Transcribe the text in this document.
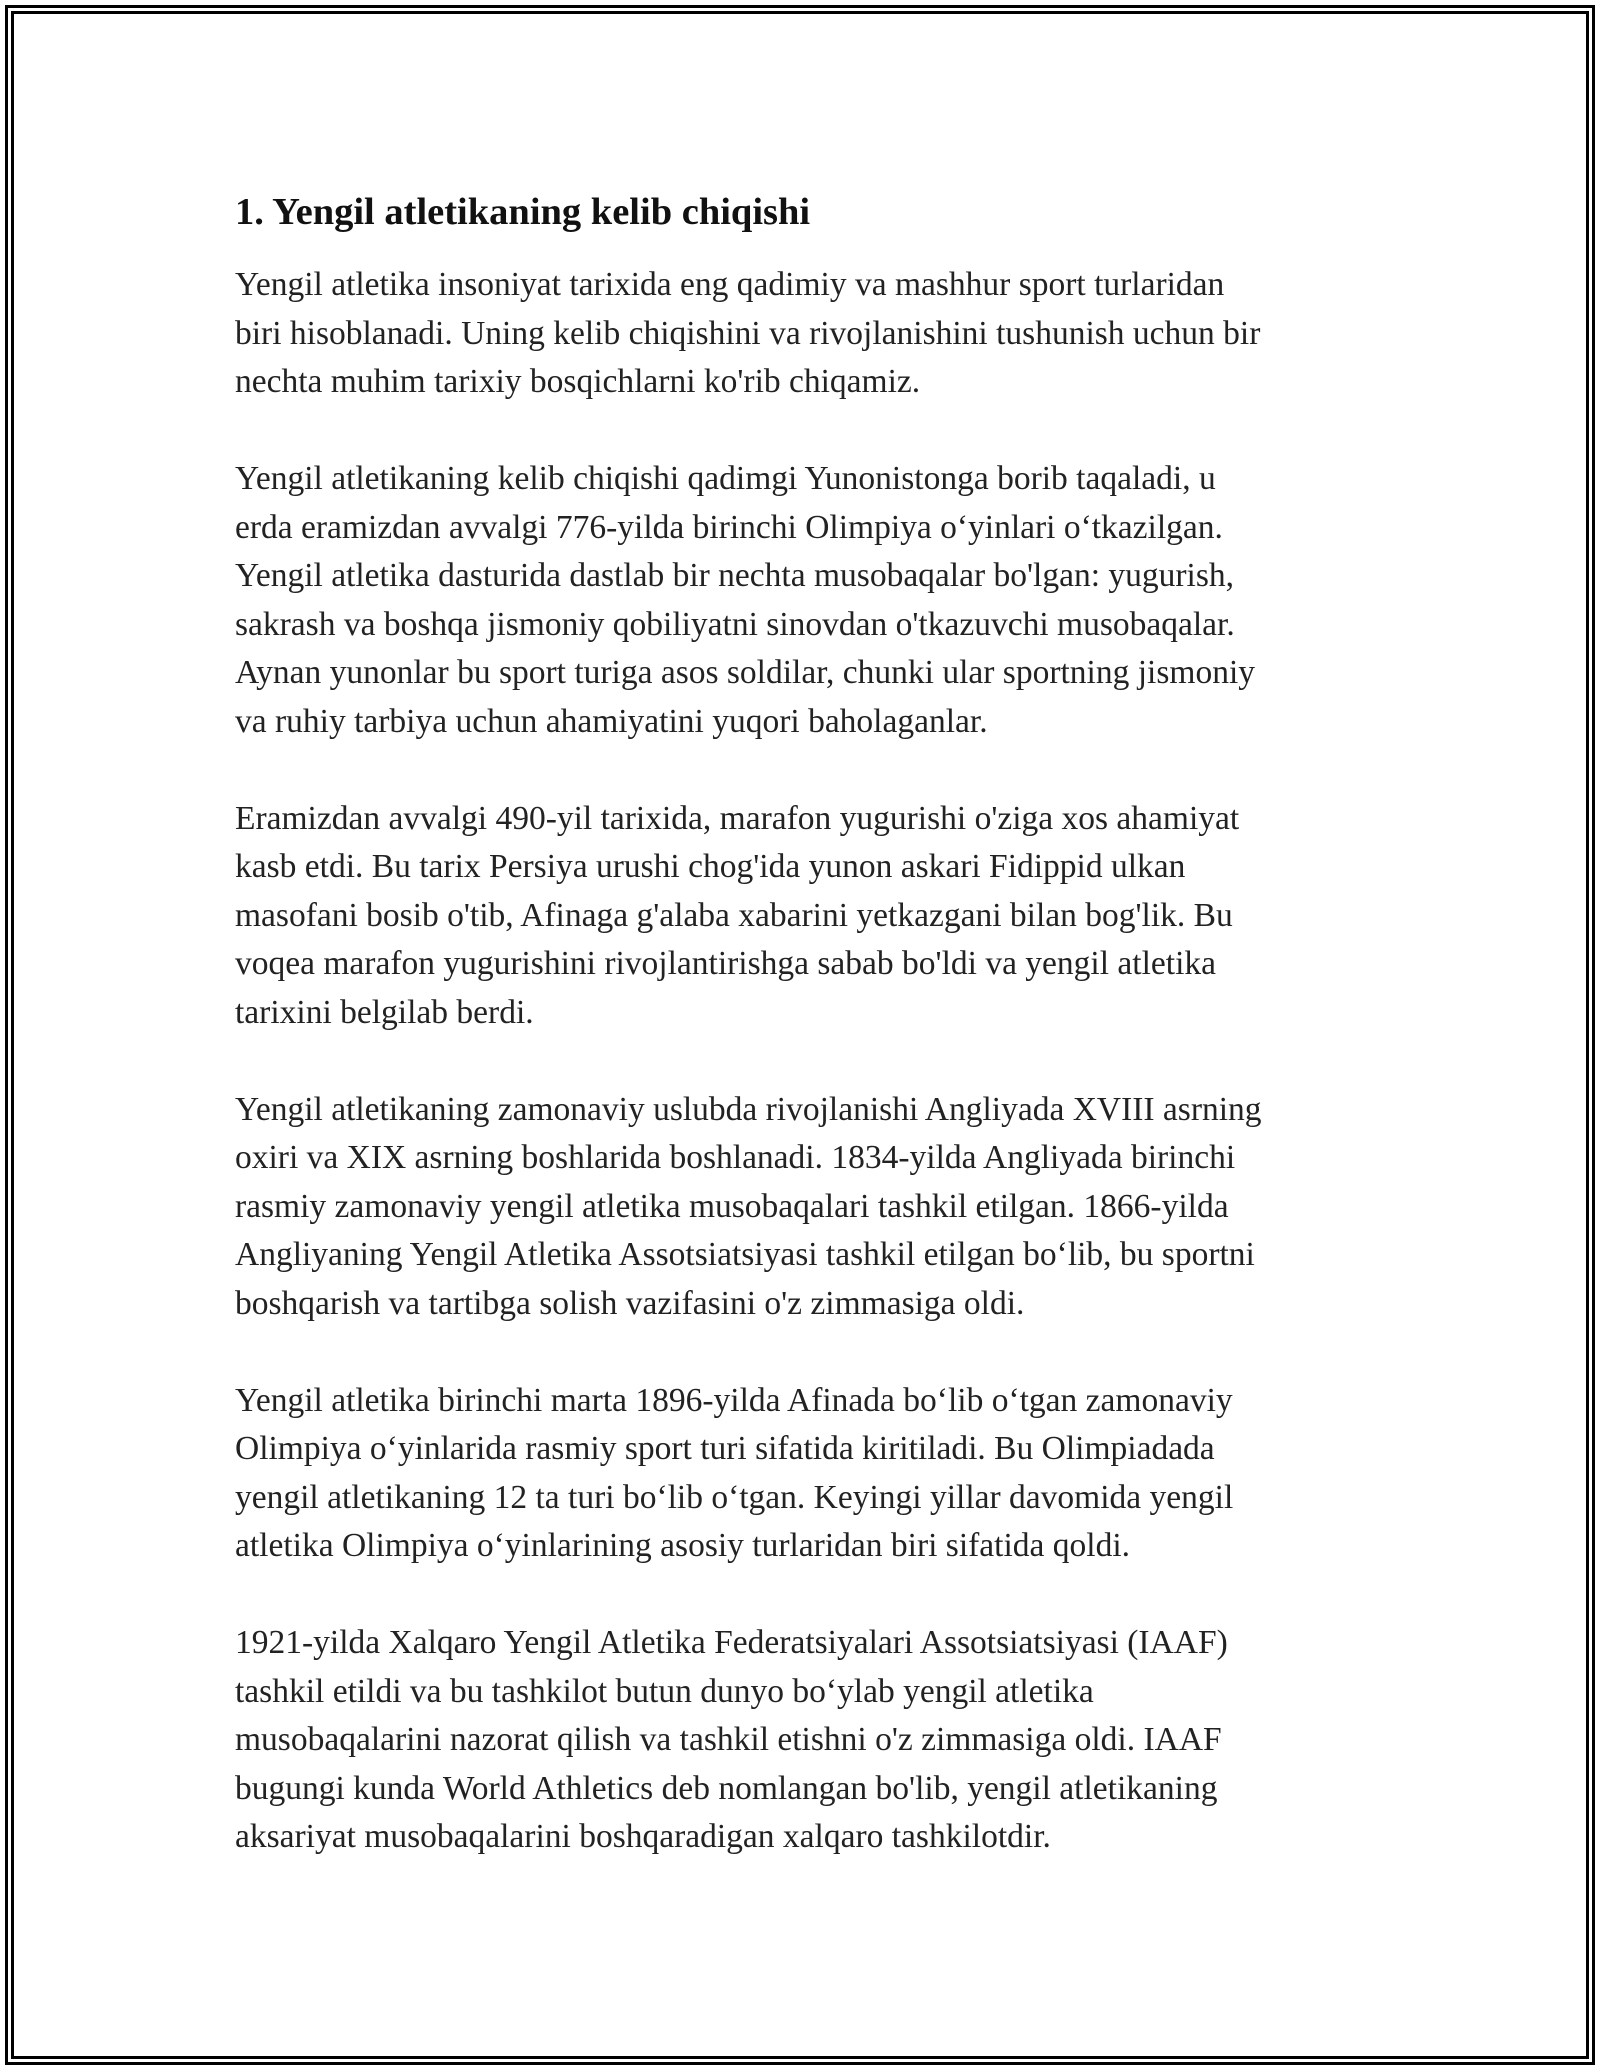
1. Yengil atletikaning kelib chiqishi

Yengil atletika insoniyat tarixida eng qadimiy va mashhur sport turlaridan
biri hisoblanadi. Uning kelib chiqishini va rivojlanishini tushunish uchun bir
nechta muhim tarixiy bosqichlarni ko'rib chiqamiz.

Yengil atletikaning kelib chiqishi qadimgi Yunonistonga borib taqaladi, u
erda eramizdan avvalgi 776-yilda birinchi Olimpiya o‘yinlari o‘tkazilgan.
Yengil atletika dasturida dastlab bir nechta musobaqalar bo'lgan: yugurish,
sakrash va boshqa jismoniy qobiliyatni sinovdan o'tkazuvchi musobaqalar.
Aynan yunonlar bu sport turiga asos soldilar, chunki ular sportning jismoniy
va ruhiy tarbiya uchun ahamiyatini yuqori baholaganlar.

Eramizdan avvalgi 490-yil tarixida, marafon yugurishi o'ziga xos ahamiyat
kasb etdi. Bu tarix Persiya urushi chog'ida yunon askari Fidippid ulkan
masofani bosib o'tib, Afinaga g'alaba xabarini yetkazgani bilan bog'lik. Bu
voqea marafon yugurishini rivojlantirishga sabab bo'ldi va yengil atletika
tarixini belgilab berdi.

Yengil atletikaning zamonaviy uslubda rivojlanishi Angliyada XVIII asrning
oxiri va XIX asrning boshlarida boshlanadi. 1834-yilda Angliyada birinchi
rasmiy zamonaviy yengil atletika musobaqalari tashkil etilgan. 1866-yilda
Angliyaning Yengil Atletika Assotsiatsiyasi tashkil etilgan bo‘lib, bu sportni
boshqarish va tartibga solish vazifasini o'z zimmasiga oldi.

Yengil atletika birinchi marta 1896-yilda Afinada bo‘lib o‘tgan zamonaviy
Olimpiya o‘yinlarida rasmiy sport turi sifatida kiritiladi. Bu Olimpiadada
yengil atletikaning 12 ta turi bo‘lib o‘tgan. Keyingi yillar davomida yengil
atletika Olimpiya o‘yinlarining asosiy turlaridan biri sifatida qoldi.

1921-yilda Xalqaro Yengil Atletika Federatsiyalari Assotsiatsiyasi (IAAF)
tashkil etildi va bu tashkilot butun dunyo bo‘ylab yengil atletika
musobaqalarini nazorat qilish va tashkil etishni o'z zimmasiga oldi. IAAF
bugungi kunda World Athletics deb nomlangan bo'lib, yengil atletikaning
aksariyat musobaqalarini boshqaradigan xalqaro tashkilotdir.
